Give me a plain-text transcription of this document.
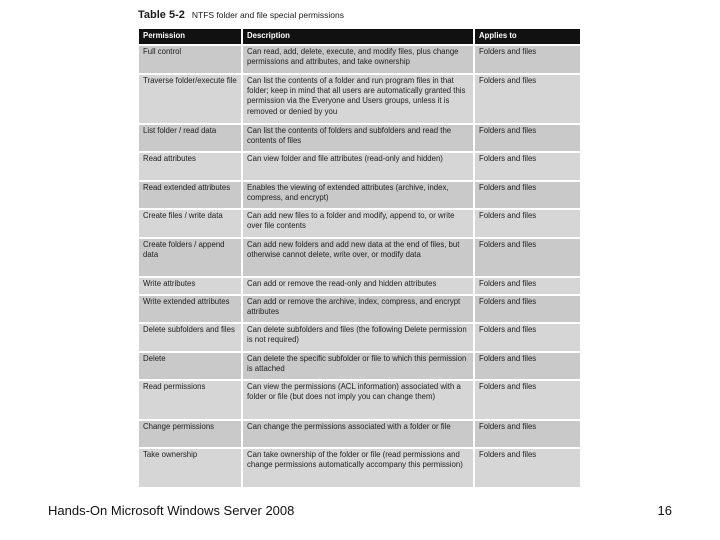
Table 5-2 NTFS folder and file special permissions
Permission	Description	Applies to
Full control	Can read, add, delete, execute, and modify files, plus change permissions and attributes, and take ownership	Folders and files
Traverse folder/execute file	Can list the contents of a folder and run program files in that folder; keep in mind that all users are automatically granted this permission via the Everyone and Users groups, unless it is removed or denied by you	Folders and files
List folder / read data	Can list the contents of folders and subfolders and read the contents of files	Folders and files
Read attributes	Can view folder and file attributes (read-only and hidden)	Folders and files
Read extended attributes	Enables the viewing of extended attributes (archive, index, compress, and encrypt)	Folders and files
Create files / write data	Can add new files to a folder and modify, append to, or write over file contents	Folders and files
Create folders / append data	Can add new folders and add new data at the end of files, but otherwise cannot delete, write over, or modify data	Folders and files
Write attributes	Can add or remove the read-only and hidden attributes	Folders and files
Write extended attributes	Can add or remove the archive, index, compress, and encrypt attributes	Folders and files
Delete subfolders and files	Can delete subfolders and files (the following Delete permission is not required)	Folders and files
Delete	Can delete the specific subfolder or file to which this permission is attached	Folders and files
Read permissions	Can view the permissions (ACL information) associated with a folder or file (but does not imply you can change them)	Folders and files
Change permissions	Can change the permissions associated with a folder or file	Folders and files
Take ownership	Can take ownership of the folder or file (read permissions and change permissions automatically accompany this permission)	Folders and files
Hands-On Microsoft Windows Server 2008	16
